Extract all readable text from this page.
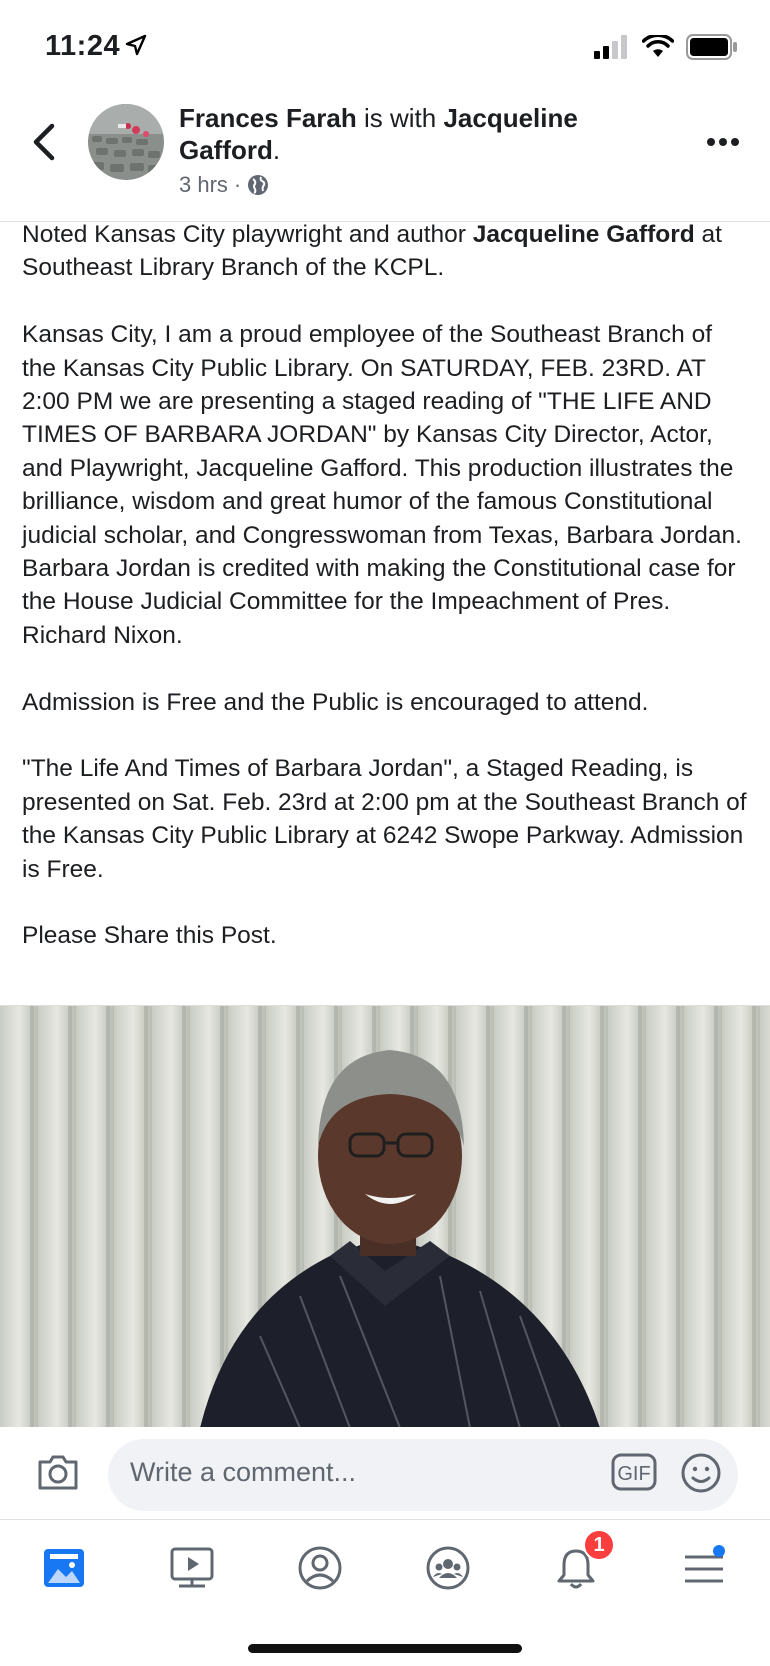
11:24
Frances Farah is with Jacqueline Gafford.
3 hrs ·

Noted Kansas City playwright and author Jacqueline Gafford at Southeast Library Branch of the KCPL.

Kansas City, I am a proud employee of the Southeast Branch of the Kansas City Public Library. On SATURDAY, FEB. 23RD. AT 2:00 PM we are presenting a staged reading of "THE LIFE AND TIMES OF BARBARA JORDAN" by Kansas City Director, Actor, and Playwright, Jacqueline Gafford. This production illustrates the brilliance, wisdom and great humor of the famous Constitutional judicial scholar, and Congresswoman from Texas, Barbara Jordan. Barbara Jordan is credited with making the Constitutional case for the House Judicial Committee for the Impeachment of Pres. Richard Nixon.

Admission is Free and the Public is encouraged to attend.

"The Life And Times of Barbara Jordan", a Staged Reading, is presented on Sat. Feb. 23rd at 2:00 pm at the Southeast Branch of the Kansas City Public Library at 6242 Swope Parkway. Admission is Free.

Please Share this Post.

Write a comment...	GIF
1
